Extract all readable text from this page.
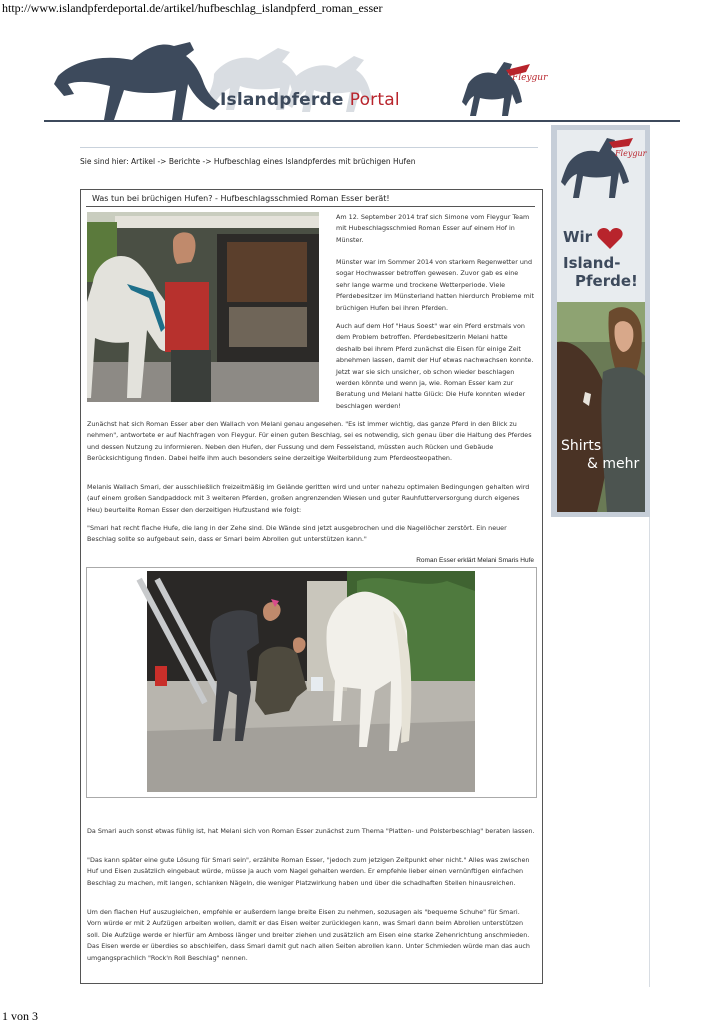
http://www.islandpferdeportal.de/artikel/hufbeschlag_islandpferd_roman_esser
Islandpferde Portal
Fleygur
Sie sind hier: Artikel -> Berichte -> Hufbeschlag eines Islandpferdes mit brüchigen Hufen
Was tun bei brüchigen Hufen? - Hufbeschlagsschmied Roman Esser berät!
Am 12. September 2014 traf sich Simone vom Fleygur Team mit Hubeschlagsschmied Roman Esser auf einem Hof in Münster.
Münster war im Sommer 2014 von starkem Regenwetter und sogar Hochwasser betroffen gewesen. Zuvor gab es eine sehr lange warme und trockene Wetterperiode. Viele Pferdebesitzer im Münsterland hatten hierdurch Probleme mit brüchigen Hufen bei ihren Pferden.
Auch auf dem Hof "Haus Soest" war ein Pferd erstmals von dem Problem betroffen. Pferdebesitzerin Melani hatte deshalb bei ihrem Pferd zunächst die Eisen für einige Zeit abnehmen lassen, damit der Huf etwas nachwachsen konnte. Jetzt war sie sich unsicher, ob schon wieder beschlagen werden könnte und wenn ja, wie. Roman Esser kam zur Beratung und Melani hatte Glück: Die Hufe konnten wieder beschlagen werden!
Zunächst hat sich Roman Esser aber den Wallach von Melani genau angesehen. "Es ist immer wichtig, das ganze Pferd in den Blick zu nehmen", antwortete er auf Nachfragen von Fleygur. Für einen guten Beschlag, sei es notwendig, sich genau über die Haltung des Pferdes und dessen Nutzung zu informieren. Neben den Hufen, der Fussung und dem Fesselstand, müssten auch Rücken und Gebäude Berücksichtigung finden. Dabei helfe ihm auch besonders seine derzeitige Weiterbildung zum Pferdeosteopathen.
Melanis Wallach Smari, der ausschließlich freizeitmäßig im Gelände geritten wird und unter nahezu optimalen Bedingungen gehalten wird (auf einem großen Sandpaddock mit 3 weiteren Pferden, großen angrenzenden Wiesen und guter Rauhfutterversorgung durch eigenes Heu) beurteilte Roman Esser den derzeitigen Hufzustand wie folgt:
"Smari hat recht flache Hufe, die lang in der Zehe sind. Die Wände sind jetzt ausgebrochen und die Nagellöcher zerstört. Ein neuer Beschlag sollte so aufgebaut sein, dass er Smari beim Abrollen gut unterstützen kann."
Roman Esser erklärt Melani Smaris Hufe
Da Smari auch sonst etwas fühlig ist, hat Melani sich von Roman Esser zunächst zum Thema "Platten- und Polsterbeschlag" beraten lassen.
"Das kann später eine gute Lösung für Smari sein", erzählte Roman Esser, "jedoch zum jetzigen Zeitpunkt eher nicht." Alles was zwischen Huf und Eisen zusätzlich eingebaut würde, müsse ja auch vom Nagel gehalten werden. Er empfehle lieber einen vernünftigen einfachen Beschlag zu machen, mit langen, schlanken Nägeln, die weniger Platzwirkung haben und über die schadhaften Stellen hinausreichen.
Um den flachen Huf auszugleichen, empfehle er außerdem lange breite Eisen zu nehmen, sozusagen als "bequeme Schuhe" für Smari. Vorn würde er mit 2 Aufzügen arbeiten wollen, damit er das Eisen weiter zurücklegen kann, was Smari dann beim Abrollen unterstützen soll. Die Aufzüge werde er hierfür am Amboss länger und breiter ziehen und zusätzlich am Eisen eine starke Zehenrichtung anschmieden. Das Eisen werde er überdies so abschleifen, dass Smari damit gut nach allen Seiten abrollen kann. Unter Schmieden würde man das auch umgangsprachlich "Rock'n Roll Beschlag" nennen.
Fleygur
Wir
Island-
Pferde!
Shirts
& mehr
1 von 3
